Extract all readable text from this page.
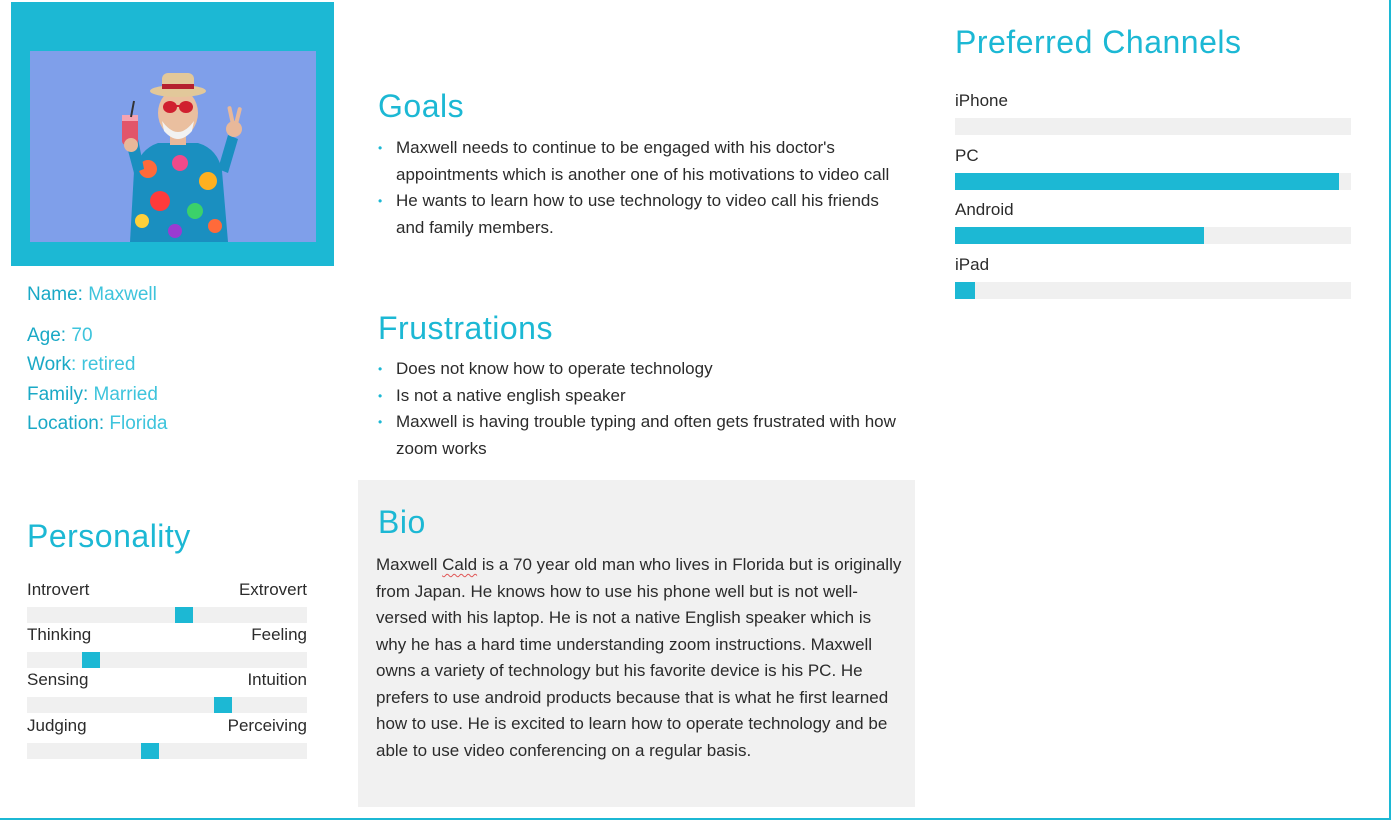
Name: Maxwell
Age: 70
Work: retired
Family: Married
Location: Florida
Personality
Introvert	Extrovert
Thinking	Feeling
Sensing	Intuition
Judging	Perceiving
Goals
• Maxwell needs to continue to be engaged with his doctor's appointments which is another one of his motivations to video call
• He wants to learn how to use technology to video call his friends and family members.
Frustrations
• Does not know how to operate technology
• Is not a native english speaker
• Maxwell is having trouble typing and often gets frustrated with how zoom works
Bio

Maxwell Cald is a 70 year old man who lives in Florida but is originally from Japan. He knows how to use his phone well but is not well-versed with his laptop. He is not a native English speaker which is why he has a hard time understanding zoom instructions. Maxwell owns a variety of technology but his favorite device is his PC. He prefers to use android products because that is what he first learned how to use. He is excited to learn how to operate technology and be able to use video conferencing on a regular basis.

Preferred Channels
iPhone
PC
Android
iPad
